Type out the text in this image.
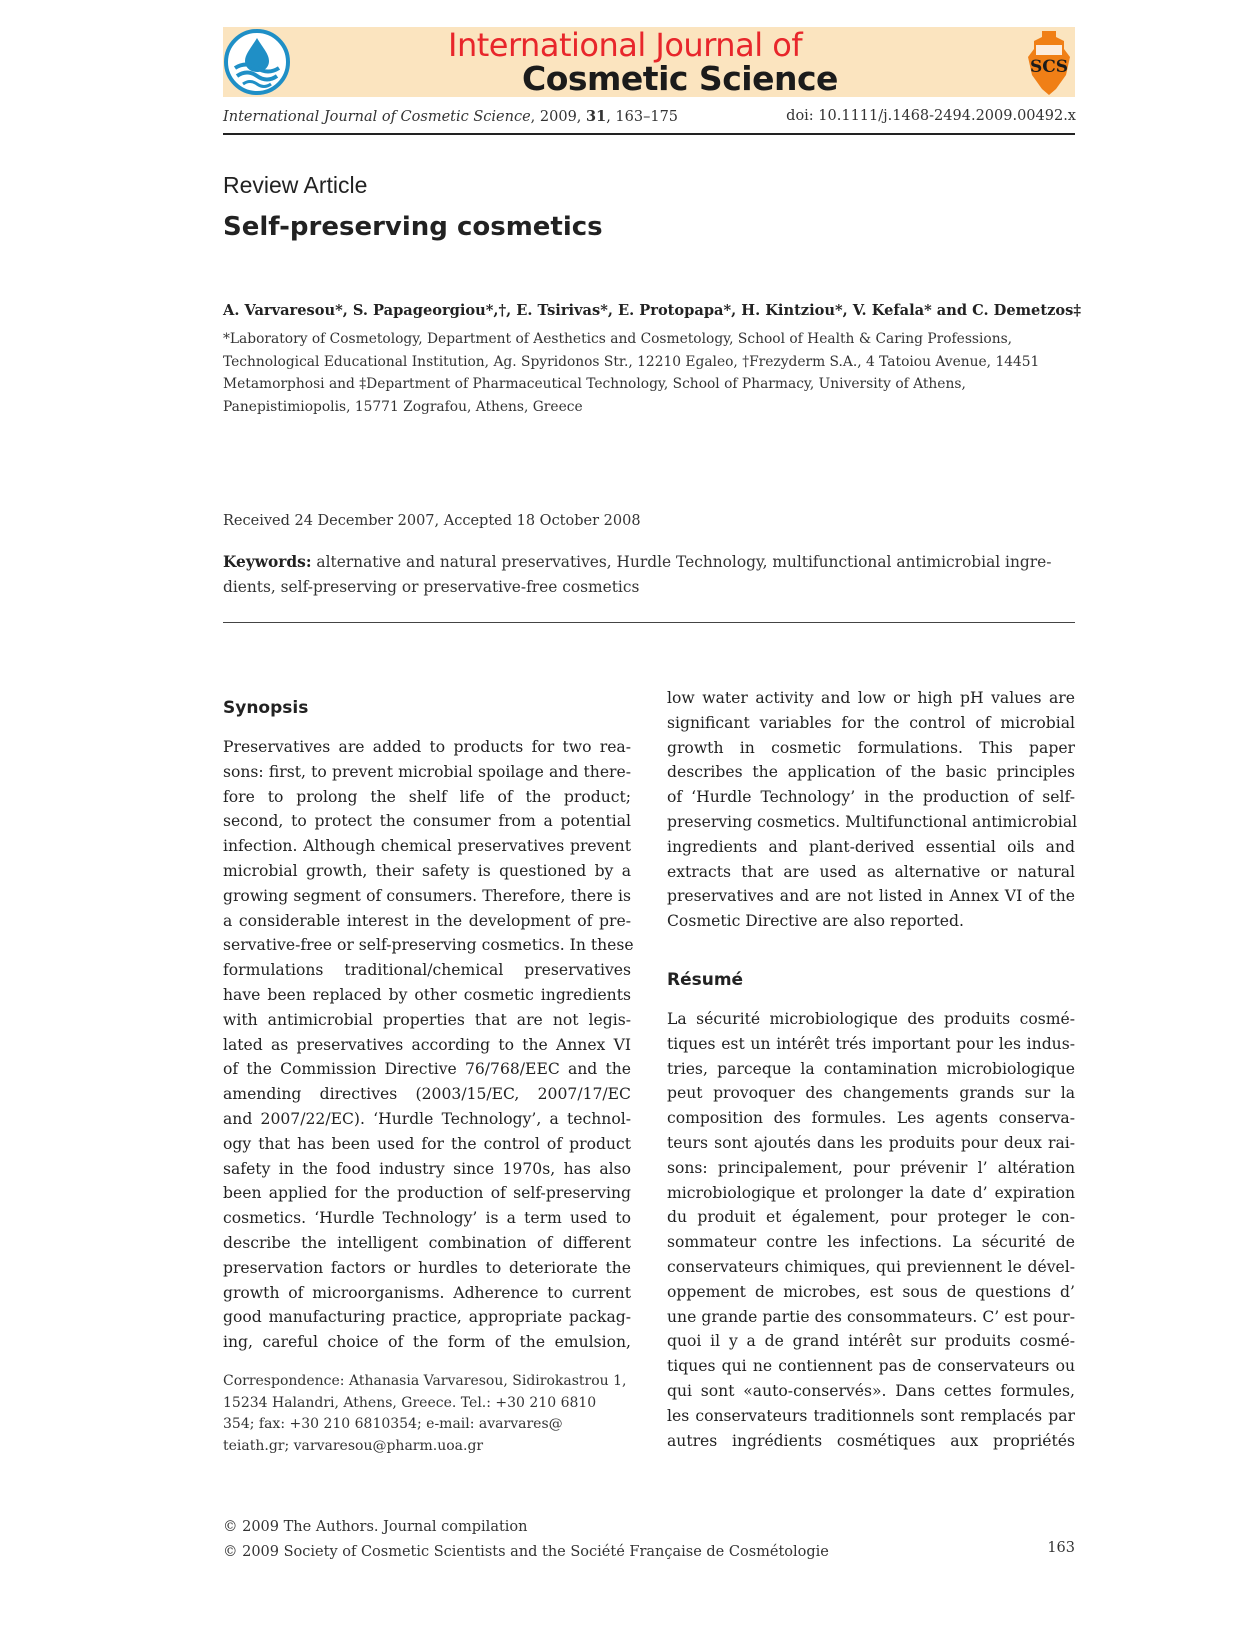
International Journal of
Cosmetic Science	SCS
International Journal of Cosmetic Science, 2009, 31, 163–175	doi: 10.1111/j.1468-2494.2009.00492.x
Review Article
Self-preserving cosmetics
A. Varvaresou*, S. Papageorgiou*,†, E. Tsirivas*, E. Protopapa*, H. Kintziou*, V. Kefala* and C. Demetzos‡
*Laboratory of Cosmetology, Department of Aesthetics and Cosmetology, School of Health & Caring Professions,
Technological Educational Institution, Ag. Spyridonos Str., 12210 Egaleo, †Frezyderm S.A., 4 Tatoiou Avenue, 14451
Metamorphosi and ‡Department of Pharmaceutical Technology, School of Pharmacy, University of Athens,
Panepistimiopolis, 15771 Zografou, Athens, Greece
Received 24 December 2007, Accepted 18 October 2008
Keywords: alternative and natural preservatives, Hurdle Technology, multifunctional antimicrobial ingre-
dients, self-preserving or preservative-free cosmetics
Synopsis
Preservatives are added to products for two rea-
sons: first, to prevent microbial spoilage and there-
fore to prolong the shelf life of the product;
second, to protect the consumer from a potential
infection. Although chemical preservatives prevent
microbial growth, their safety is questioned by a
growing segment of consumers. Therefore, there is
a considerable interest in the development of pre-
servative-free or self-preserving cosmetics. In these
formulations traditional/chemical preservatives
have been replaced by other cosmetic ingredients
with antimicrobial properties that are not legis-
lated as preservatives according to the Annex VI
of the Commission Directive 76/768/EEC and the
amending directives (2003/15/EC, 2007/17/EC
and 2007/22/EC). ‘Hurdle Technology’, a technol-
ogy that has been used for the control of product
safety in the food industry since 1970s, has also
been applied for the production of self-preserving
cosmetics. ‘Hurdle Technology’ is a term used to
describe the intelligent combination of different
preservation factors or hurdles to deteriorate the
growth of microorganisms. Adherence to current
good manufacturing practice, appropriate packag-
ing, careful choice of the form of the emulsion,
Correspondence: Athanasia Varvaresou, Sidirokastrou 1,
15234 Halandri, Athens, Greece. Tel.: +30 210 6810
354; fax: +30 210 6810354; e-mail: avarvares@
teiath.gr; varvaresou@pharm.uoa.gr
low water activity and low or high pH values are
significant variables for the control of microbial
growth in cosmetic formulations. This paper
describes the application of the basic principles
of ‘Hurdle Technology’ in the production of self-
preserving cosmetics. Multifunctional antimicrobial
ingredients and plant-derived essential oils and
extracts that are used as alternative or natural
preservatives and are not listed in Annex VI of the
Cosmetic Directive are also reported.
Résumé
La sécurité microbiologique des produits cosmé-
tiques est un intérêt trés important pour les indus-
tries, parceque la contamination microbiologique
peut provoquer des changements grands sur la
composition des formules. Les agents conserva-
teurs sont ajoutés dans les produits pour deux rai-
sons: principalement, pour prévenir l’ altération
microbiologique et prolonger la date d’ expiration
du produit et également, pour proteger le con-
sommateur contre les infections. La sécurité de
conservateurs chimiques, qui previennent le dével-
oppement de microbes, est sous de questions d’
une grande partie des consommateurs. C’ est pour-
quoi il y a de grand intérêt sur produits cosmé-
tiques qui ne contiennent pas de conservateurs ou
qui sont «auto-conservés». Dans cettes formules,
les conservateurs traditionnels sont remplacés par
autres ingrédients cosmétiques aux propriétés
© 2009 The Authors. Journal compilation
© 2009 Society of Cosmetic Scientists and the Société Française de Cosmétologie	163
